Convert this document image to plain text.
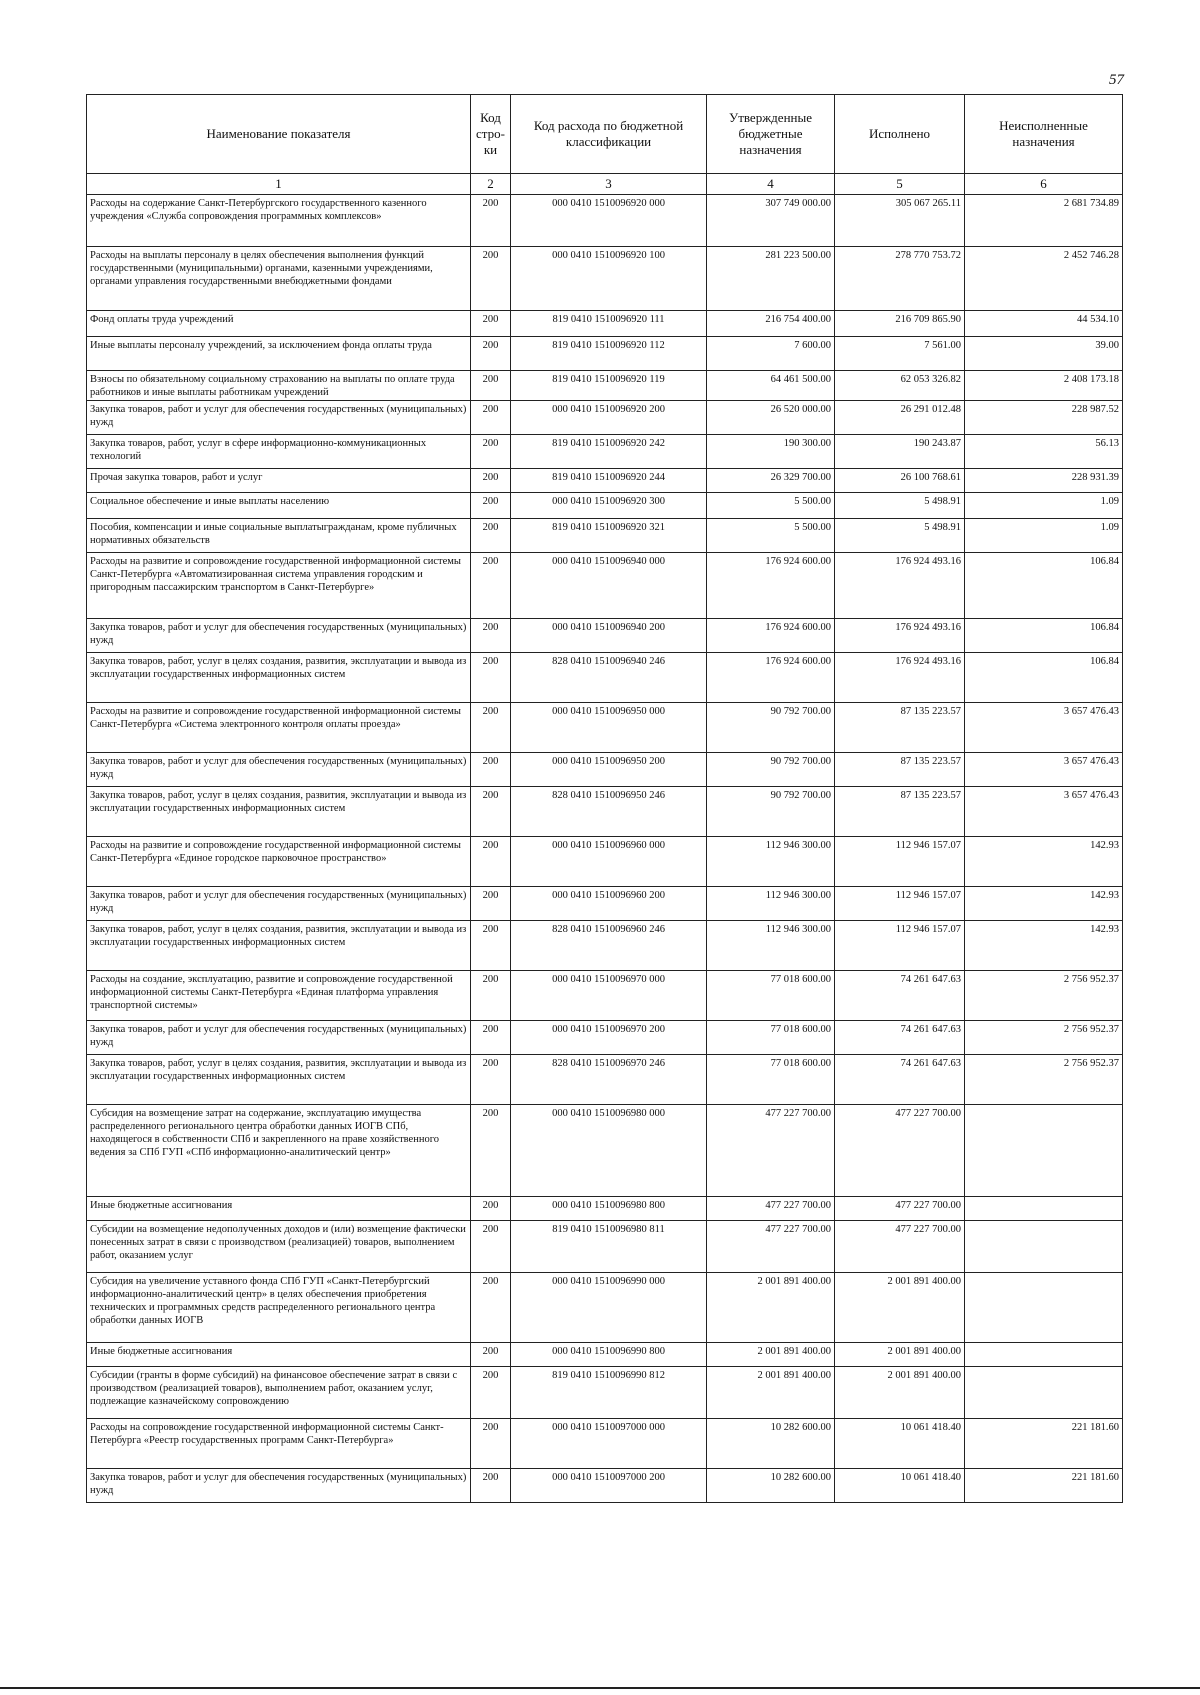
57
Наименование показателя	Код стро-ки	Код расхода по бюджетной классификации	Утвержденные бюджетные назначения	Исполнено	Неисполненные назначения
1	2	3	4	5	6
Расходы на содержание Санкт-Петербургского государственного казенного учреждения «Служба сопровождения программных комплексов»	200	000 0410 1510096920 000	307 749 000.00	305 067 265.11	2 681 734.89
Расходы на выплаты персоналу в целях обеспечения выполнения функций государственными (муниципальными) органами, казенными учреждениями, органами управления государственными внебюджетными фондами	200	000 0410 1510096920 100	281 223 500.00	278 770 753.72	2 452 746.28
Фонд оплаты труда учреждений	200	819 0410 1510096920 111	216 754 400.00	216 709 865.90	44 534.10
Иные выплаты персоналу учреждений, за исключением фонда оплаты труда	200	819 0410 1510096920 112	7 600.00	7 561.00	39.00
Взносы по обязательному социальному страхованию на выплаты по оплате труда работников и иные выплаты работникам учреждений	200	819 0410 1510096920 119	64 461 500.00	62 053 326.82	2 408 173.18
Закупка товаров, работ и услуг для обеспечения государственных (муниципальных) нужд	200	000 0410 1510096920 200	26 520 000.00	26 291 012.48	228 987.52
Закупка товаров, работ, услуг в сфере информационно-коммуникационных технологий	200	819 0410 1510096920 242	190 300.00	190 243.87	56.13
Прочая закупка товаров, работ и услуг	200	819 0410 1510096920 244	26 329 700.00	26 100 768.61	228 931.39
Социальное обеспечение и иные выплаты населению	200	000 0410 1510096920 300	5 500.00	5 498.91	1.09
Пособия, компенсации и иные социальные выплатыгражданам, кроме публичных нормативных обязательств	200	819 0410 1510096920 321	5 500.00	5 498.91	1.09
Расходы на развитие и сопровождение государственной информационной системы Санкт-Петербурга «Автоматизированная система управления городским и пригородным пассажирским транспортом в Санкт-Петербурге»	200	000 0410 1510096940 000	176 924 600.00	176 924 493.16	106.84
Закупка товаров, работ и услуг для обеспечения государственных (муниципальных) нужд	200	000 0410 1510096940 200	176 924 600.00	176 924 493.16	106.84
Закупка товаров, работ, услуг в целях создания, развития, эксплуатации и вывода из эксплуатации государственных информационных систем	200	828 0410 1510096940 246	176 924 600.00	176 924 493.16	106.84
Расходы на развитие и сопровождение государственной информационной системы Санкт-Петербурга «Система электронного контроля оплаты проезда»	200	000 0410 1510096950 000	90 792 700.00	87 135 223.57	3 657 476.43
Закупка товаров, работ и услуг для обеспечения государственных (муниципальных) нужд	200	000 0410 1510096950 200	90 792 700.00	87 135 223.57	3 657 476.43
Закупка товаров, работ, услуг в целях создания, развития, эксплуатации и вывода из эксплуатации государственных информационных систем	200	828 0410 1510096950 246	90 792 700.00	87 135 223.57	3 657 476.43
Расходы на развитие и сопровождение государственной информационной системы Санкт-Петербурга «Единое городское парковочное пространство»	200	000 0410 1510096960 000	112 946 300.00	112 946 157.07	142.93
Закупка товаров, работ и услуг для обеспечения государственных (муниципальных) нужд	200	000 0410 1510096960 200	112 946 300.00	112 946 157.07	142.93
Закупка товаров, работ, услуг в целях создания, развития, эксплуатации и вывода из эксплуатации государственных информационных систем	200	828 0410 1510096960 246	112 946 300.00	112 946 157.07	142.93
Расходы на создание, эксплуатацию, развитие и сопровождение государственной информационной системы Санкт-Петербурга «Единая платформа управления транспортной системы»	200	000 0410 1510096970 000	77 018 600.00	74 261 647.63	2 756 952.37
Закупка товаров, работ и услуг для обеспечения государственных (муниципальных) нужд	200	000 0410 1510096970 200	77 018 600.00	74 261 647.63	2 756 952.37
Закупка товаров, работ, услуг в целях создания, развития, эксплуатации и вывода из эксплуатации государственных информационных систем	200	828 0410 1510096970 246	77 018 600.00	74 261 647.63	2 756 952.37
Субсидия на возмещение затрат на содержание, эксплуатацию имущества распределенного регионального центра обработки данных ИОГВ СПб, находящегося в собственности СПб и закрепленного на праве хозяйственного ведения за СПб ГУП «СПб информационно-аналитический центр»	200	000 0410 1510096980 000	477 227 700.00	477 227 700.00	
Иные бюджетные ассигнования	200	000 0410 1510096980 800	477 227 700.00	477 227 700.00	
Субсидии на возмещение недополученных доходов и (или) возмещение фактически понесенных затрат в связи с производством (реализацией) товаров, выполнением работ, оказанием услуг	200	819 0410 1510096980 811	477 227 700.00	477 227 700.00	
Субсидия на увеличение уставного фонда СПб ГУП «Санкт-Петербургский информационно-аналитический центр» в целях обеспечения приобретения технических и программных средств распределенного регионального центра обработки данных ИОГВ	200	000 0410 1510096990 000	2 001 891 400.00	2 001 891 400.00	
Иные бюджетные ассигнования	200	000 0410 1510096990 800	2 001 891 400.00	2 001 891 400.00	
Субсидии (гранты в форме субсидий) на финансовое обеспечение затрат в связи с производством (реализацией товаров), выполнением работ, оказанием услуг, подлежащие казначейскому сопровождению	200	819 0410 1510096990 812	2 001 891 400.00	2 001 891 400.00	
Расходы на сопровождение государственной информационной системы Санкт-Петербурга «Реестр государственных программ Санкт-Петербурга»	200	000 0410 1510097000 000	10 282 600.00	10 061 418.40	221 181.60
Закупка товаров, работ и услуг для обеспечения государственных (муниципальных) нужд	200	000 0410 1510097000 200	10 282 600.00	10 061 418.40	221 181.60
